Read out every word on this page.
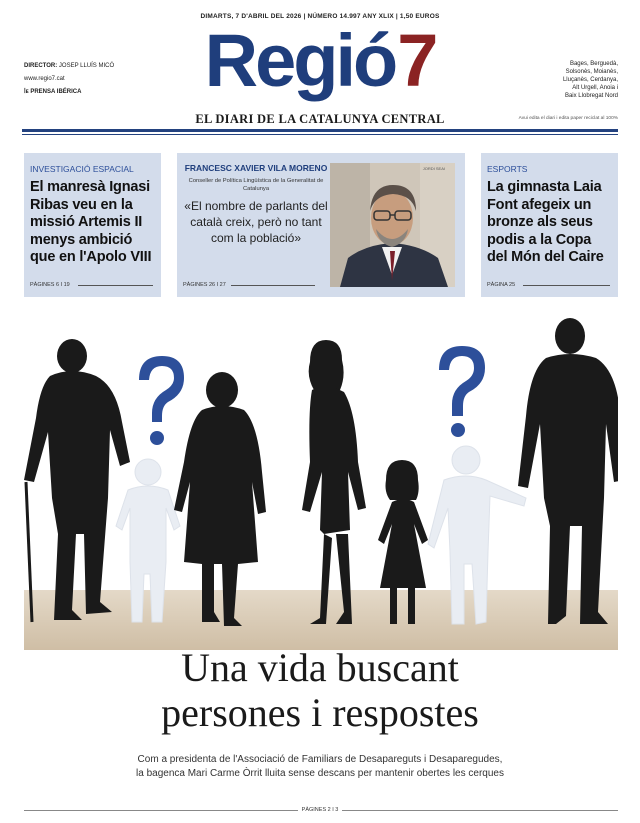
DIMARTS, 7 D'ABRIL DEL 2026 | NÚMERO 14.997 ANY XLIX | 1,50 EUROS
DIRECTOR: JOSEP LLUÍS MICÓ
www.regio7.cat
ⅼᴇ PRENSA IBÉRICA	Regió7	Bages, Berguedà,
Solsonès, Moianès,
Lluçanès, Cerdanya,
Alt Urgell, Anoia i
Baix Llobregat Nord
EL DIARI DE LA CATALUNYA CENTRAL	Avui edita el diari i edita paper reciclat al 100%
INVESTIGACIÓ ESPACIAL
El manresà Ignasi Ribas veu en la missió Artemis II menys ambició que en l'Apolo VIII
PÀGINES 6 I 19
FRANCESC XAVIER VILA MORENO
Conseller de Política Lingüística de la Generalitat de Catalunya
«El nombre de parlants del català creix, però no tant com la població»
JORDI SEAI
PÀGINES 26 I 27
ESPORTS
La gimnasta Laia Font afegeix un bronze als seus podis a la Copa del Món del Caire
PÀGINA 25
Una vida buscant
persones i respostes
Com a presidenta de l'Associació de Familiars de Desapareguts i Desaparegudes,
la bagenca Mari Carme Òrrit lluita sense descans per mantenir obertes les cerques
PÀGINES 2 I 3
